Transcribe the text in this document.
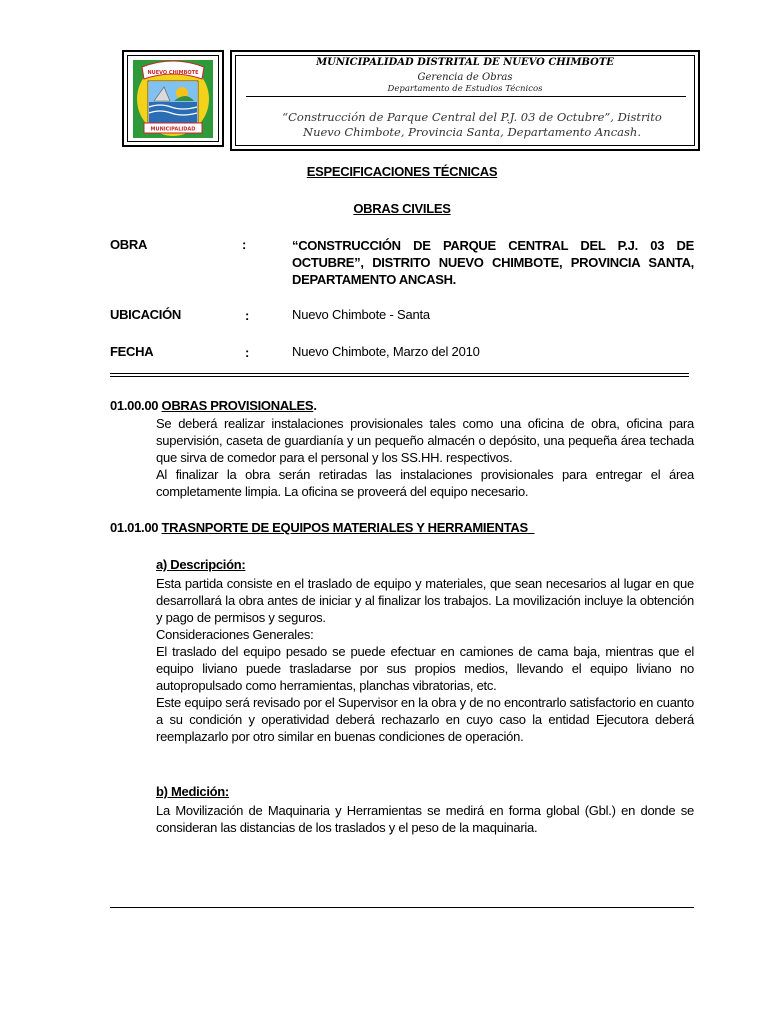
NUEVO CHIMBOTE
MUNICIPALIDAD
MUNICIPALIDAD DISTRITAL DE NUEVO CHIMBOTE
Gerencia de Obras
Departamento de Estudios Técnicos
“Construcción de Parque Central del P.J. 03 de Octubre”, Distrito
Nuevo Chimbote, Provincia Santa, Departamento Ancash.
ESPECIFICACIONES TÉCNICAS
OBRAS CIVILES
OBRA	:	“CONSTRUCCIÓN DE PARQUE CENTRAL DEL P.J. 03 DE OCTUBRE”, DISTRITO NUEVO CHIMBOTE, PROVINCIA SANTA, DEPARTAMENTO ANCASH.
UBICACIÓN	:	Nuevo Chimbote - Santa
FECHA	:	Nuevo Chimbote, Marzo del 2010
01.00.00 OBRAS PROVISIONALES.

Se deberá realizar instalaciones provisionales tales como una oficina de obra, oficina para supervisión, caseta de guardianía y un pequeño almacén o depósito, una pequeña área techada que sirva de comedor para el personal y los SS.HH. respectivos.

Al finalizar la obra serán retiradas las instalaciones provisionales para entregar el área completamente limpia. La oficina se proveerá del equipo necesario.

01.01.00 TRASNPORTE DE EQUIPOS MATERIALES Y HERRAMIENTAS
a) Descripción:

Esta partida consiste en el traslado de equipo y materiales, que sean necesarios al lugar en que desarrollará la obra antes de iniciar y al finalizar los trabajos. La movilización incluye la obtención y pago de permisos y seguros.

Consideraciones Generales:

El traslado del equipo pesado se puede efectuar en camiones de cama baja, mientras que el equipo liviano puede trasladarse por sus propios medios, llevando el equipo liviano no autopropulsado como herramientas, planchas vibratorias, etc.

Este equipo será revisado por el Supervisor en la obra y de no encontrarlo satisfactorio en cuanto a su condición y operatividad deberá rechazarlo en cuyo caso la entidad Ejecutora deberá reemplazarlo por otro similar en buenas condiciones de operación.

b) Medición:

La Movilización de Maquinaria y Herramientas se medirá en forma global (Gbl.) en donde se consideran las distancias de los traslados y el peso de la maquinaria.
